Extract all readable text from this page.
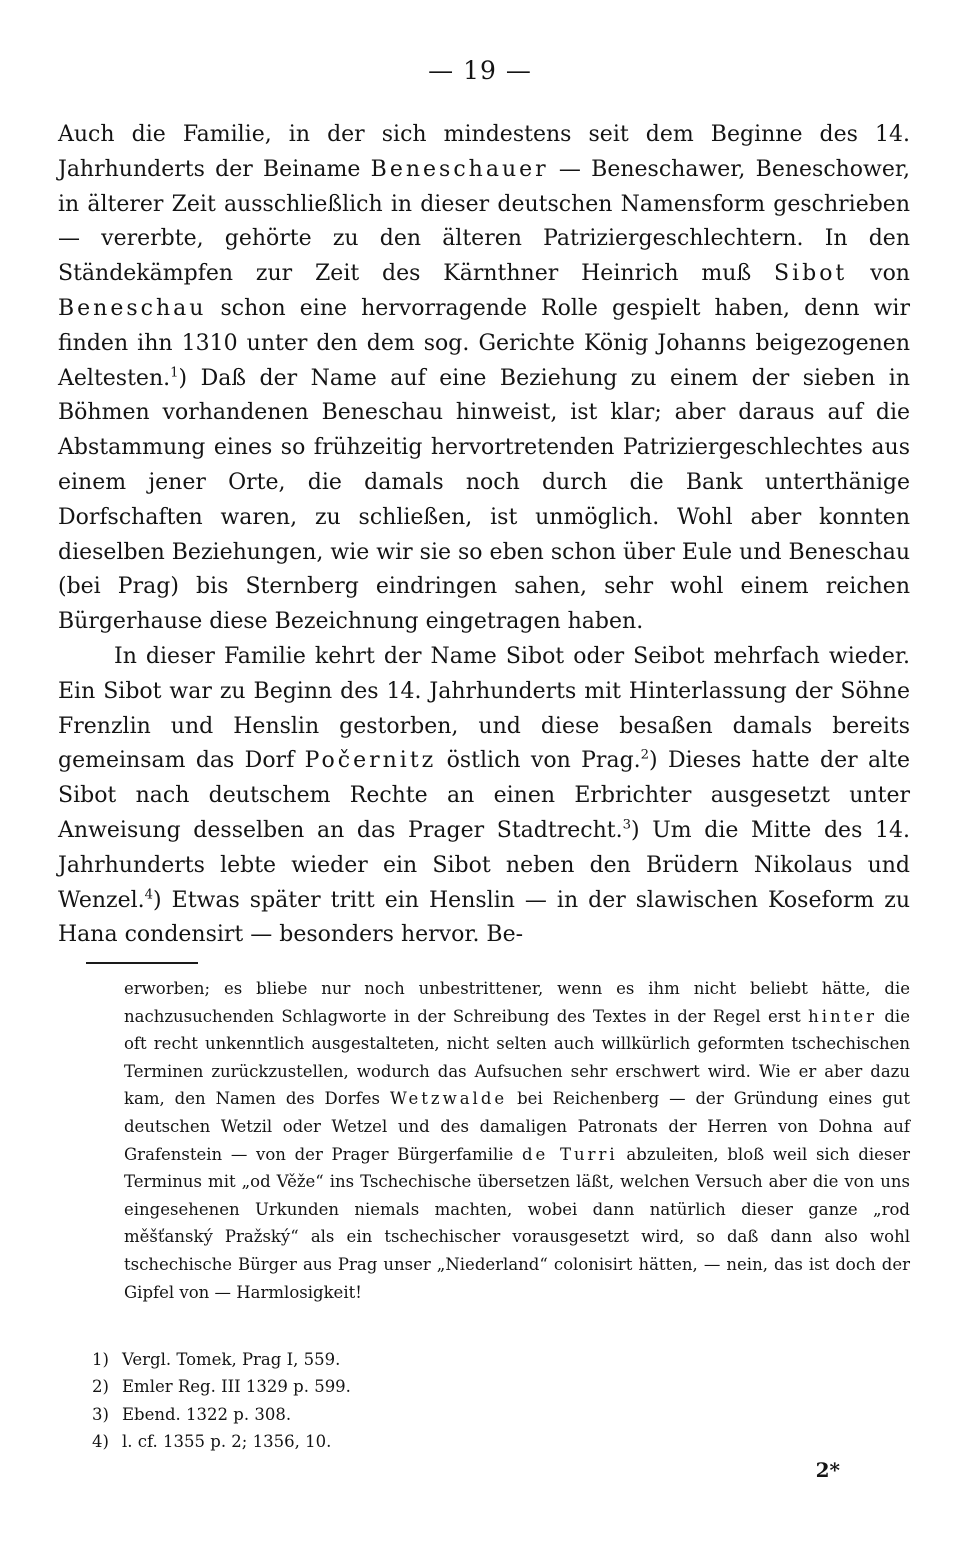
— 19 —

Auch die Familie, in der sich mindestens seit dem Beginne des 14. Jahrhunderts der Beiname Beneschauer — Beneschawer, Beneschower, in älterer Zeit ausschließlich in dieser deutschen Namensform geschrieben — vererbte, gehörte zu den älteren Patriziergeschlechtern. In den Ständekämpfen zur Zeit des Kärnthner Heinrich muß Sibot von Beneschau schon eine hervorragende Rolle gespielt haben, denn wir finden ihn 1310 unter den dem sog. Gerichte König Johanns beigezogenen Aeltesten.$^1$) Daß der Name auf eine Beziehung zu einem der sieben in Böhmen vorhandenen Beneschau hinweist, ist klar; aber daraus auf die Abstammung eines so frühzeitig hervortretenden Patriziergeschlechtes aus einem jener Orte, die damals noch durch die Bank unterthänige Dorfschaften waren, zu schließen, ist unmöglich. Wohl aber konnten dieselben Beziehungen, wie wir sie so eben schon über Eule und Beneschau (bei Prag) bis Sternberg eindringen sahen, sehr wohl einem reichen Bürgerhause diese Bezeichnung eingetragen haben.

In dieser Familie kehrt der Name Sibot oder Seibot mehrfach wieder. Ein Sibot war zu Beginn des 14. Jahrhunderts mit Hinterlassung der Söhne Frenzlin und Henslin gestorben, und diese besaßen damals bereits gemeinsam das Dorf Počernitz östlich von Prag.$^2$) Dieses hatte der alte Sibot nach deutschem Rechte an einen Erbrichter ausgesetzt unter Anweisung desselben an das Prager Stadtrecht.$^3$) Um die Mitte des 14. Jahrhunderts lebte wieder ein Sibot neben den Brüdern Nikolaus und Wenzel.$^4$) Etwas später tritt ein Henslin — in der slawischen Koseform zu Hana condensirt — besonders hervor. Be-

erworben; es bliebe nur noch unbestrittener, wenn es ihm nicht beliebt hätte, die nachzusuchenden Schlagworte in der Schreibung des Textes in der Regel erst hinter die oft recht unkenntlich ausgestalteten, nicht selten auch willkürlich geformten tschechischen Terminen zurückzustellen, wodurch das Aufsuchen sehr erschwert wird. Wie er aber dazu kam, den Namen des Dorfes Wetzwalde bei Reichenberg — der Gründung eines gut deutschen Wetzil oder Wetzel und des damaligen Patronats der Herren von Dohna auf Grafenstein — von der Prager Bürgerfamilie de Turri abzuleiten, bloß weil sich dieser Terminus mit „od Věže“ ins Tschechische übersetzen läßt, welchen Versuch aber die von uns eingesehenen Urkunden niemals machten, wobei dann natürlich dieser ganze „rod měšťanský Pražský“ als ein tschechischer vorausgesetzt wird, so daß dann also wohl tschechische Bürger aus Prag unser „Niederland“ colonisirt hätten, — nein, das ist doch der Gipfel von — Harmlosigkeit!
1) Vergl. Tomek, Prag I, 559.
2) Emler Reg. III 1329 p. 599.
3) Ebend. 1322 p. 308.
4) l. cf. 1355 p. 2; 1356, 10.
2*
